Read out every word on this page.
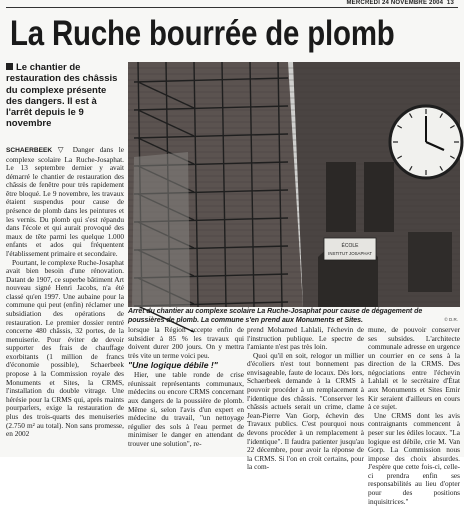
MERCREDI 24 NOVEMBRE 2004 13
La Ruche bourrée de plomb
Le chantier de restauration des châssis du complexe présente des dangers. Il est à l'arrêt depuis le 9 novembre

SCHAERBEEK ▽ Danger dans le complexe scolaire La Ruche-Josaphat. Le 13 septembre dernier y avait démarré le chantier de restauration des châssis de fenêtre pour très rapidement être bloqué. Le 9 novembre, les travaux étaient suspendus pour cause de présence de plomb dans les peintures et les vernis. Du plomb qui s'est répandu dans l'école et qui aurait provoqué des maux de tête parmi les quelque 1.000 enfants et ados qui fréquentent l'établissement primaire et secondaire.

Pourtant, le complexe Ruche-Josaphat avait bien besoin d'une rénovation. Datant de 1907, ce superbe bâtiment Art nouveau signé Henri Jacobs, n'a été classé qu'en 1997. Une aubaine pour la commune qui peut (enfin) réclamer une subsidiation des opérations de restauration. Le premier dossier rentré concerne 480 châssis, 32 portes, de la menuiserie. Pour éviter de devoir supporter des frais de chauffage exorbitants (1 million de francs d'économie possible), Schaerbeek propose à la Commission royale des Monuments et Sites, la CRMS, l'installation du double vitrage. Une hérésie pour la CRMS qui, après maints pourparlers, exige la restauration de plus des trois-quarts des menuiseries (2.750 m² au total). Non sans promesse, en 2002

ÉCOLE
INSTITUT JOSAPHAT
Arrêt du chantier au complexe scolaire La Ruche-Josaphat pour cause de dégagement de poussières de plomb. La commune s'en prend aux Monuments et Sites.	© D.R.

lorsque la Région accepte enfin de subsidier à 85 % les travaux qui doivent durer 200 jours. On y mettra très vite un terme voici peu.

"Une logique débile !"

Hier, une table ronde de crise réunissait représentants communaux, médecins ou encore CRMS concernant aux dangers de la poussière de plomb. Même si, selon l'avis d'un expert en médecine du travail, "un nettoyage régulier des sols à l'eau permet de minimiser le danger en attendant de trouver une solution", re-

prend Mohamed Lahlali, l'échevin de l'instruction publique. Le spectre de l'amiante n'est pas très loin.

Quoi qu'il en soit, relogor un millier d'écoliers n'est tout bonnement pas envisageable, faute de locaux. Dès lors, Schaerbeek demande à la CRMS à pouvoir procéder à un remplacement à l'identique des châssis. "Conserver les châssis actuels serait un crime, clame Jean-Pierre Van Gorp, échevin des Travaux publics. C'est pourquoi nous devons procéder à un remplacement à l'identique". Il faudra patienter jusqu'au 22 décembre, pour avoir la réponse de la CRMS. Si l'on en croit certains, pour la com-

mune, de pouvoir conserver ses subsides. L'architecte communale adresse en urgence un courrier en ce sens à la direction de la CRMS. Des négociations entre l'échevin Lahlali et le secrétaire d'État aux Monuments et Sites Emir Kir seraient d'ailleurs en cours à ce sujet.

Une CRMS dont les avis contraignants commencent à peser sur les édiles locaux. "La logique est débile, crie M. Van Gorp. La Commission nous impose des choix absurdes. J'espère que cette fois-ci, celle-ci prendra enfin ses responsabilités au lieu d'opter pour des positions inquisitrices."
